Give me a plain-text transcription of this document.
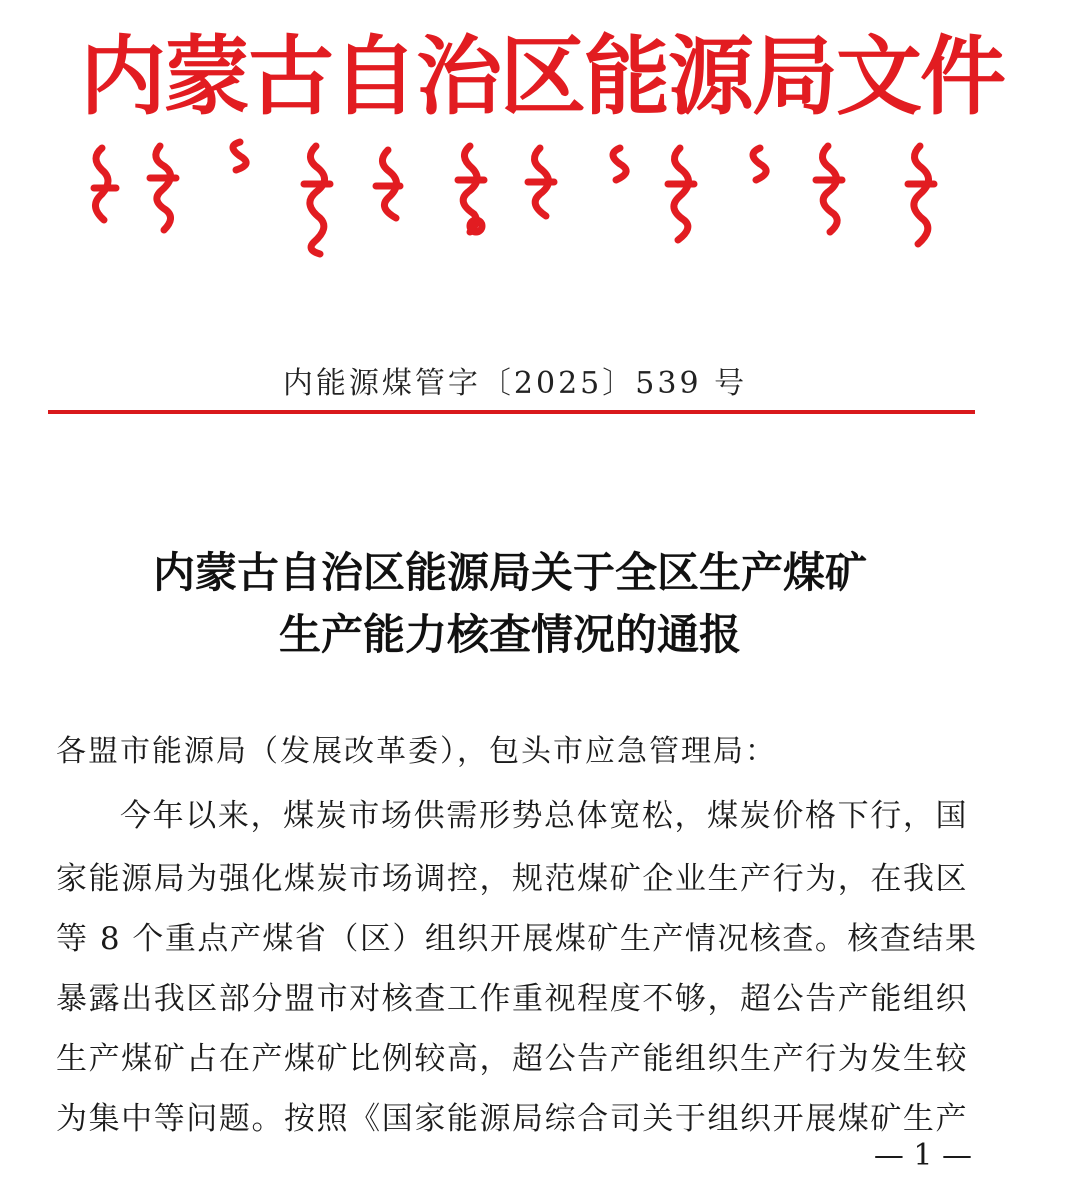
内蒙古自治区能源局文件
内能源煤管字〔2025〕539 号
内蒙古自治区能源局关于全区生产煤矿
生产能力核查情况的通报
各盟市能源局（发展改革委），包头市应急管理局：
今年以来，煤炭市场供需形势总体宽松，煤炭价格下行，国
家能源局为强化煤炭市场调控，规范煤矿企业生产行为，在我区
等 8 个重点产煤省（区）组织开展煤矿生产情况核查。核查结果
暴露出我区部分盟市对核查工作重视程度不够，超公告产能组织
生产煤矿占在产煤矿比例较高，超公告产能组织生产行为发生较
为集中等问题。按照《国家能源局综合司关于组织开展煤矿生产
— 1 —
